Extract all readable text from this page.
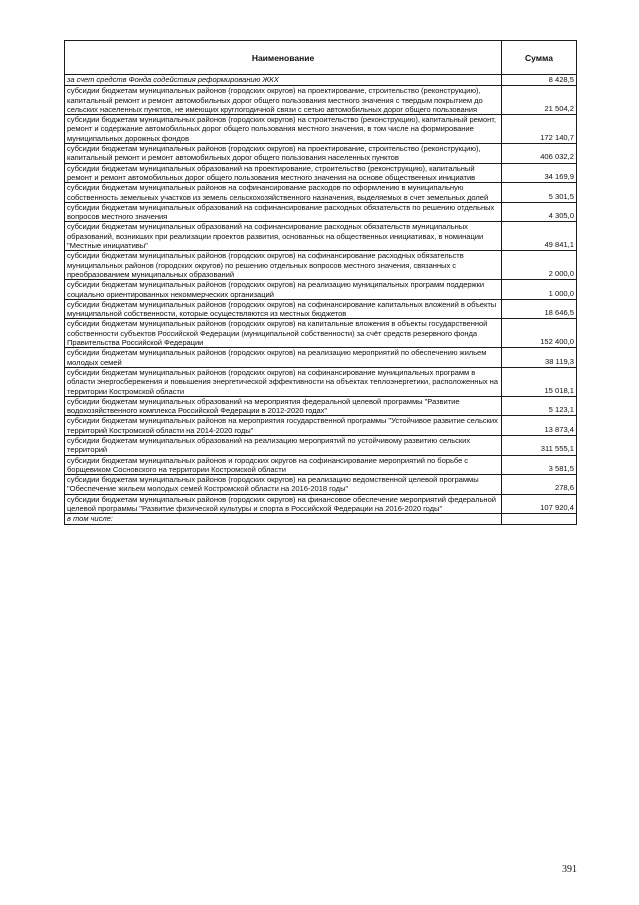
Наименование	Сумма
за счет средств Фонда содействия реформированию ЖКХ	8 428,5
субсидии бюджетам муниципальных районов (городских округов) на проектирование, строительство (реконструкцию), капитальный ремонт и ремонт автомобильных дорог общего пользования местного значения с твердым покрытием до сельских населенных пунктов, не имеющих круглогодичной связи с сетью автомобильных дорог общего пользования	21 504,2
субсидии бюджетам муниципальных районов (городских округов) на строительство (реконструкцию), капитальный ремонт, ремонт и содержание автомобильных дорог общего пользования местного значения, в том числе на формирование муниципальных дорожных фондов	172 140,7
субсидии бюджетам муниципальных районов (городских округов) на проектирование, строительство (реконструкцию), капитальный ремонт и ремонт автомобильных дорог общего пользования населенных пунктов	406 032,2
субсидии бюджетам муниципальных образований на проектирование, строительство (реконструкцию), капитальный ремонт и ремонт автомобильных дорог общего пользования местного значения на основе общественных инициатив	34 169,9
субсидии бюджетам муниципальных районов на софинансирование расходов по оформлению в муниципальную собственность земельных участков из земель сельскохозяйственного назначения, выделяемых в счет земельных долей	5 301,5
субсидии бюджетам муниципальных образований на софинансирование расходных обязательств по решению отдельных вопросов местного значения	4 305,0
субсидии бюджетам муниципальных образований на софинансирование расходных обязательств муниципальных образований, возникших при реализации проектов развития, основанных на общественных инициативах, в номинации "Местные инициативы"	49 841,1
субсидии бюджетам муниципальных районов (городских округов) на софинансирование расходных обязательств муниципальных районов (городских округов) по решению отдельных вопросов местного значения, связанных с преобразованием муниципальных образований	2 000,0
субсидии бюджетам муниципальных районов (городских округов) на реализацию муниципальных программ поддержки социально ориентированных некоммерческих организаций	1 000,0
субсидии бюджетам муниципальных районов (городских округов) на софинансирование капитальных вложений в объекты муниципальной собственности, которые осуществляются из местных бюджетов	18 646,5
субсидии бюджетам муниципальных районов (городских округов) на капитальные вложения в объекты государственной собственности субъектов Российской Федерации (муниципальной собственности) за счёт средств резервного фонда Правительства Российской Федерации	152 400,0
субсидии бюджетам муниципальных районов (городских округов) на реализацию мероприятий по обеспечению жильем молодых семей	38 119,3
субсидии бюджетам муниципальных районов (городских округов) на софинансирование муниципальных программ в области энергосбережения и повышения энергетической эффективности на объектах теплоэнергетики, расположенных на территории Костромской области	15 018,1
субсидии бюджетам муниципальных образований на мероприятия федеральной целевой программы "Развитие водохозяйственного комплекса Российской Федерации в 2012-2020 годах"	5 123,1
субсидии бюджетам муниципальных районов на мероприятия государственной программы "Устойчивое развитие сельских территорий Костромской области на 2014-2020 годы"	13 873,4
субсидии бюджетам муниципальных образований на реализацию мероприятий по устойчивому развитию сельских территорий	311 555,1
субсидии бюджетам муниципальных районов и городских округов на софинансирование мероприятий по борьбе с борщевиком Сосновского на территории Костромской области	3 581,5
субсидии бюджетам муниципальных районов (городских округов) на реализацию ведомственной целевой программы "Обеспечение жильем молодых семей Костромской области на 2016-2018 годы"	278,6
субсидии бюджетам муниципальных районов (городских округов) на финансовое обеспечение мероприятий федеральной целевой программы "Развитие физической культуры и спорта в Российской Федерации на 2016-2020 годы"	107 920,4
в том числе:	
391
